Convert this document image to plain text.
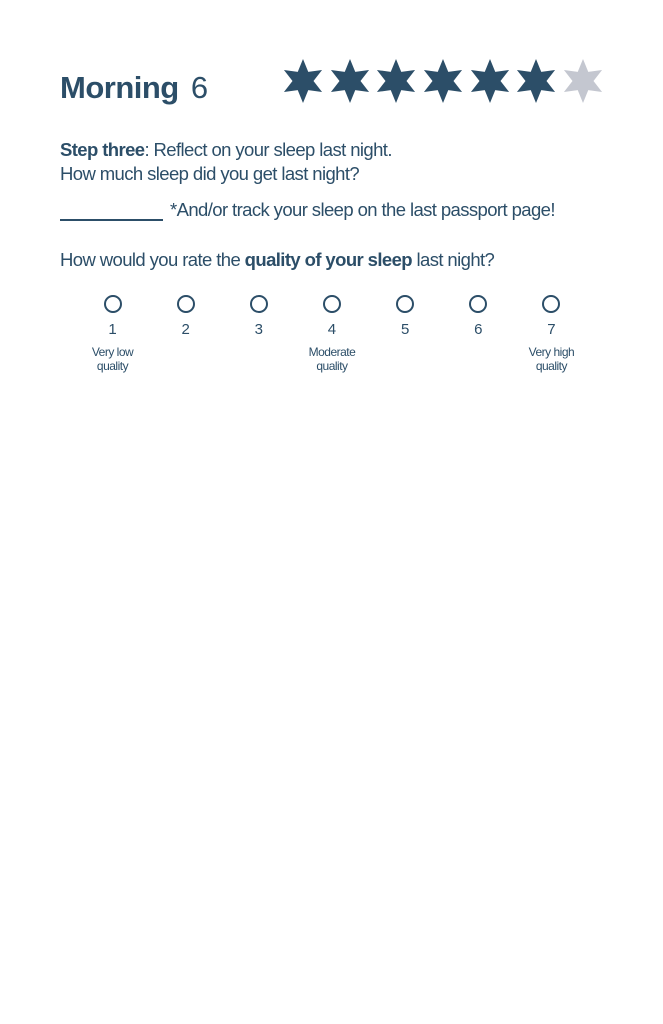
Morning 6
Step three: Reflect on your sleep last night.
How much sleep did you get last night?
*And/or track your sleep on the last passport page!
How would you rate the quality of your sleep last night?
1
Very low
quality
2	3	4
Moderate
quality
5	6	7
Very high
quality
